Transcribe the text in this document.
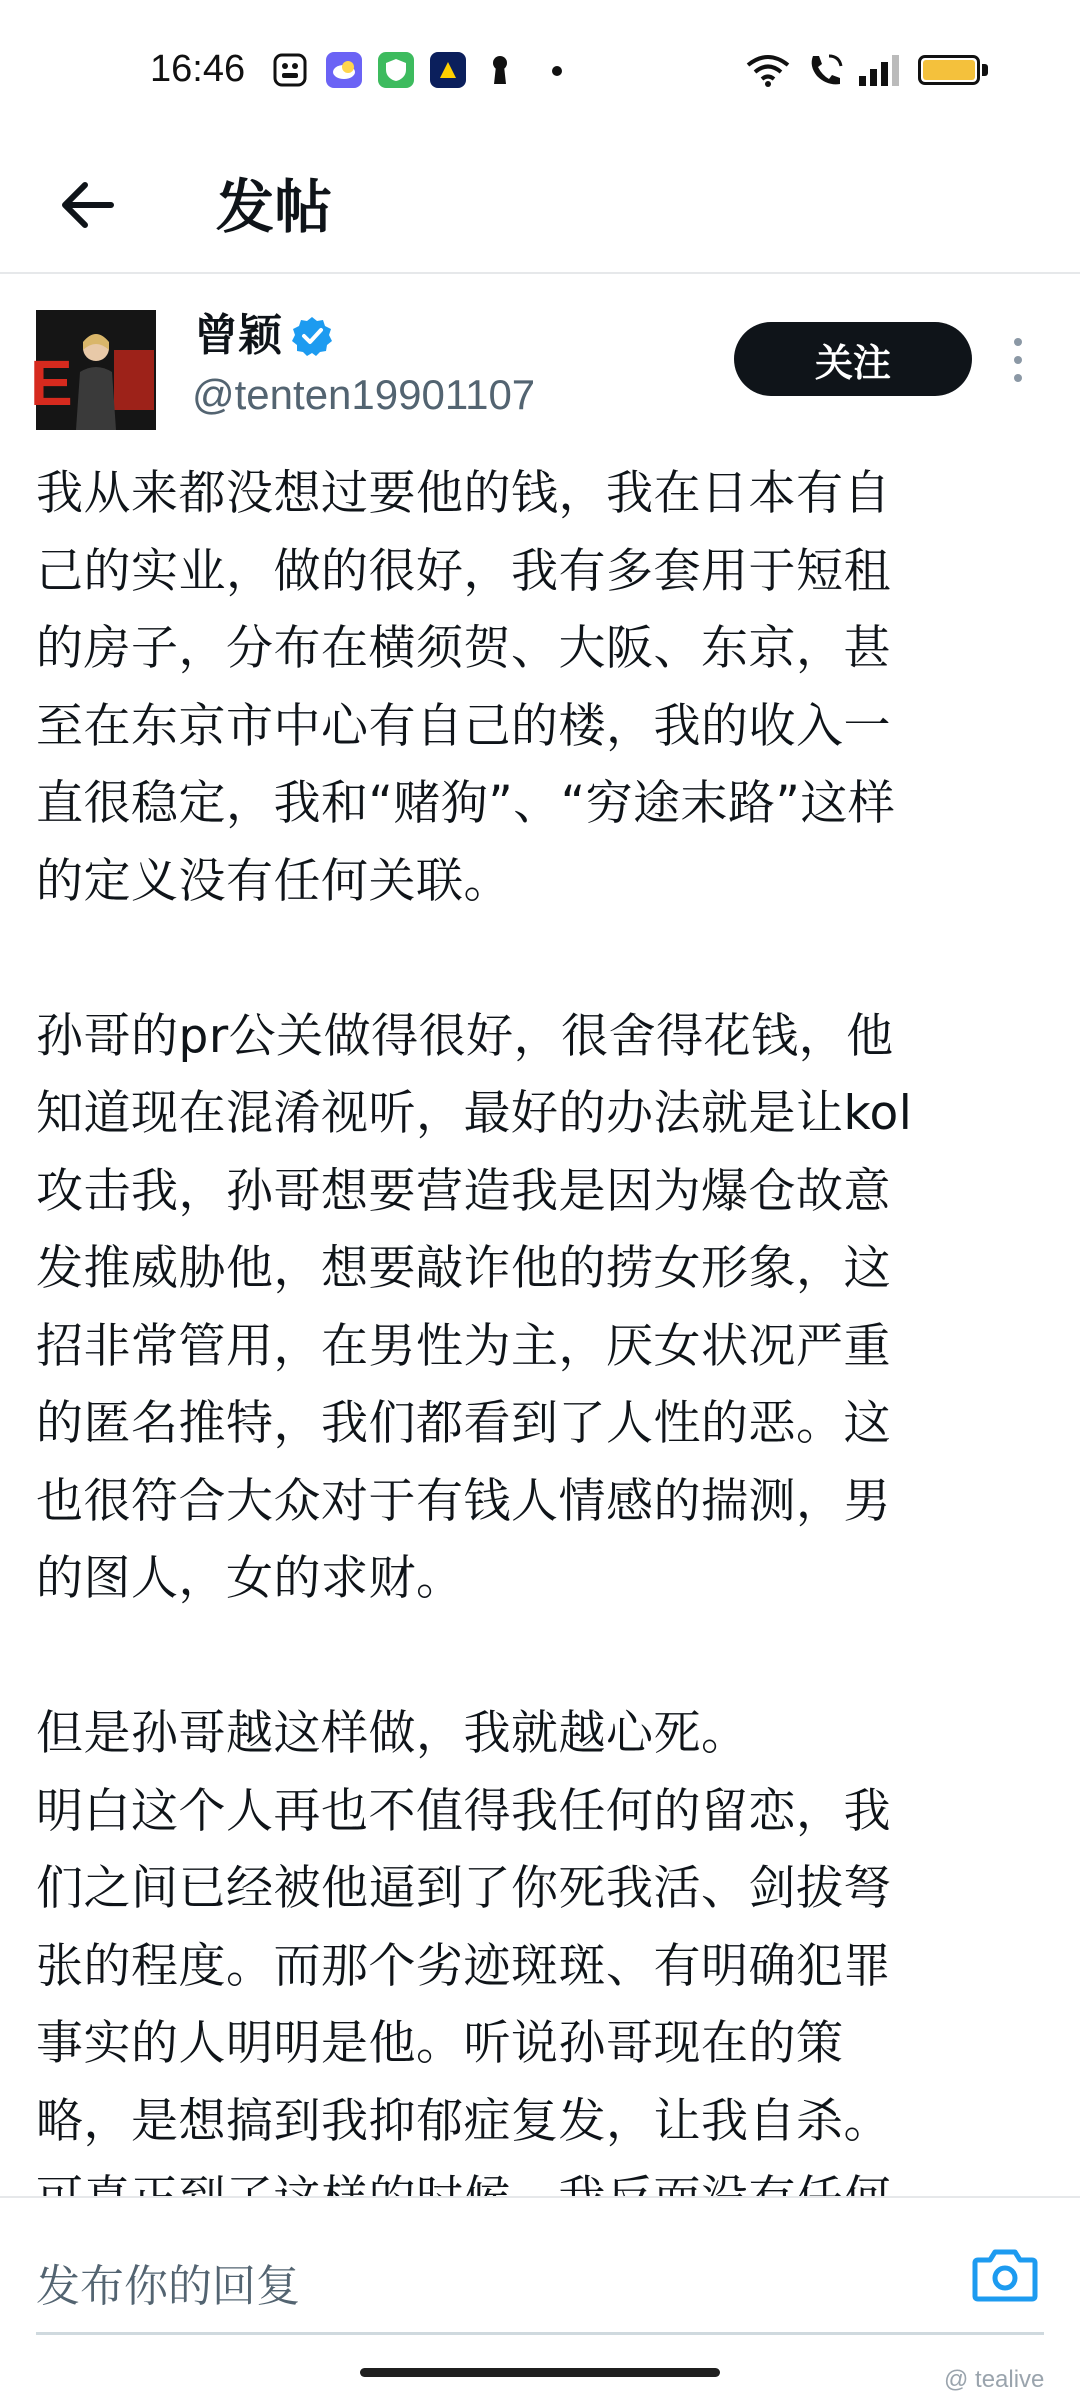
16:46
发帖
E
曾颖
@tenten19901107
关注

我从来都没想过要他的钱，我在日本有自

己的实业，做的很好，我有多套用于短租

的房子，分布在横须贺、大阪、东京，甚

至在东京市中心有自己的楼，我的收入一

直很稳定，我和“赌狗”、“穷途末路”这样

的定义没有任何关联。

孙哥的pr公关做得很好，很舍得花钱，他

知道现在混淆视听，最好的办法就是让kol

攻击我，孙哥想要营造我是因为爆仓故意

发推威胁他，想要敲诈他的捞女形象，这

招非常管用，在男性为主，厌女状况严重

的匿名推特，我们都看到了人性的恶。这

也很符合大众对于有钱人情感的揣测，男

的图人，女的求财。

但是孙哥越这样做，我就越心死。

明白这个人再也不值得我任何的留恋，我

们之间已经被他逼到了你死我活、剑拔弩

张的程度。而那个劣迹斑斑、有明确犯罪

事实的人明明是他。听说孙哥现在的策

略，是想搞到我抑郁症复发，让我自杀。

发布你的回复
@ tealive
